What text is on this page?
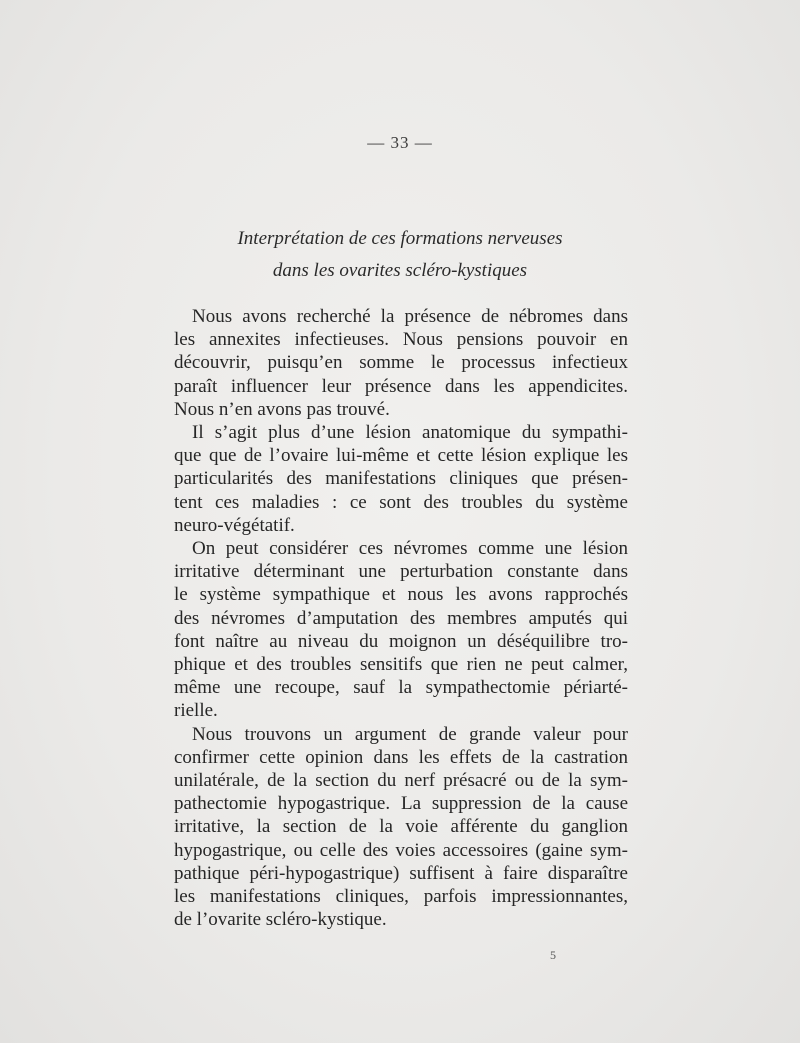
— 33 —
Interprétation de ces formations nerveuses
dans les ovarites scléro-kystiques
Nous avons recherché la présence de nébromes dans
les annexites infectieuses. Nous pensions pouvoir en
découvrir, puisqu’en somme le processus infectieux
paraît influencer leur présence dans les appendicites.
Nous n’en avons pas trouvé.
Il s’agit plus d’une lésion anatomique du sympathi-
que que de l’ovaire lui-même et cette lésion explique les
particularités des manifestations cliniques que présen-
tent ces maladies : ce sont des troubles du système
neuro-végétatif.
On peut considérer ces névromes comme une lésion
irritative déterminant une perturbation constante dans
le système sympathique et nous les avons rapprochés
des névromes d’amputation des membres amputés qui
font naître au niveau du moignon un déséquilibre tro-
phique et des troubles sensitifs que rien ne peut calmer,
même une recoupe, sauf la sympathectomie périarté-
rielle.
Nous trouvons un argument de grande valeur pour
confirmer cette opinion dans les effets de la castration
unilatérale, de la section du nerf présacré ou de la sym-
pathectomie hypogastrique. La suppression de la cause
irritative, la section de la voie afférente du ganglion
hypogastrique, ou celle des voies accessoires (gaine sym-
pathique péri-hypogastrique) suffisent à faire disparaître
les manifestations cliniques, parfois impressionnantes,
de l’ovarite scléro-kystique.
5
